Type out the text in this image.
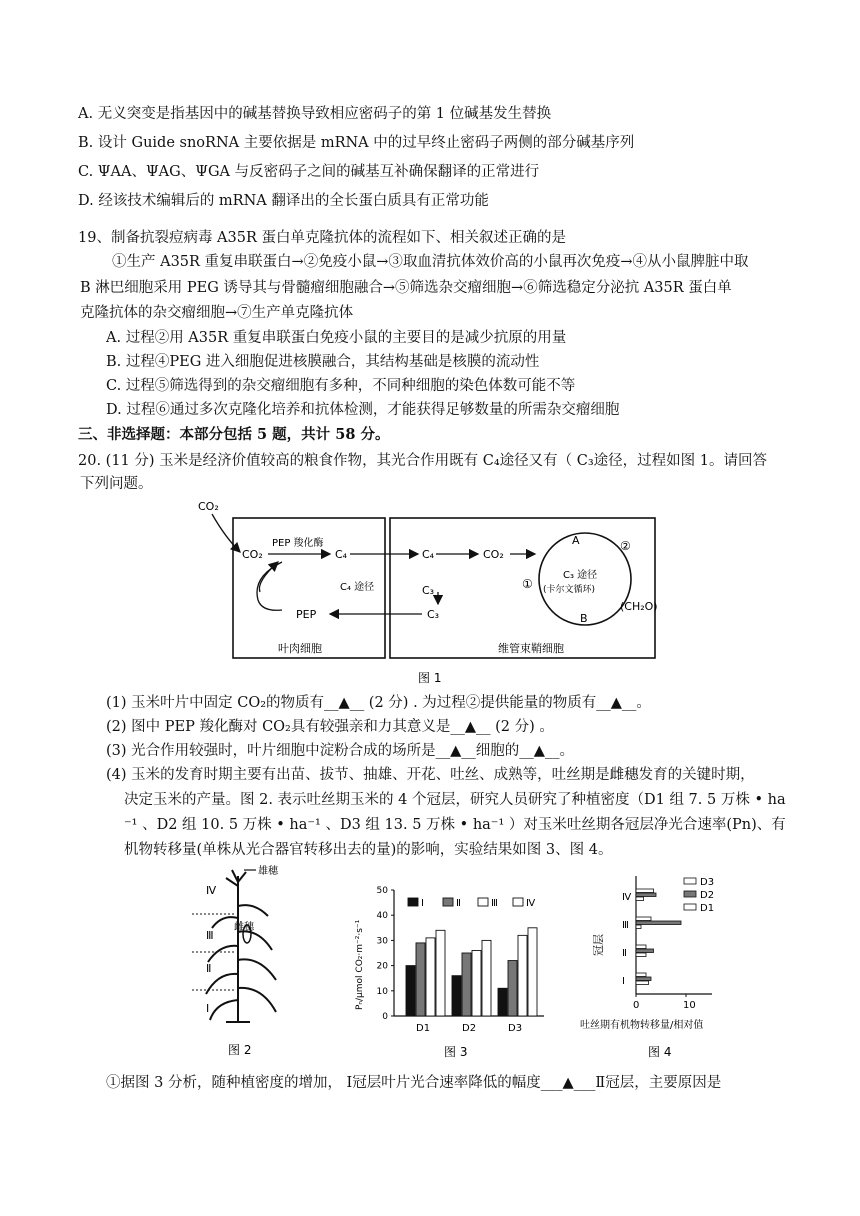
A. 无义突变是指基因中的碱基替换导致相应密码子的第 1 位碱基发生替换
B. 设计 Guide snoRNA 主要依据是 mRNA 中的过早终止密码子两侧的部分碱基序列
C. ΨAA、ΨAG、ΨGA 与反密码子之间的碱基互补确保翻译的正常进行
D. 经该技术编辑后的 mRNA 翻译出的全长蛋白质具有正常功能
19、制备抗裂痘病毒 A35R 蛋白单克隆抗体的流程如下、相关叙述正确的是
①生产 A35R 重复串联蛋白→②免疫小鼠→③取血清抗体效价高的小鼠再次免疫→④从小鼠脾脏中取
B 淋巴细胞采用 PEG 诱导其与骨髓瘤细胞融合→⑤筛选杂交瘤细胞→⑥筛选稳定分泌抗 A35R 蛋白单
克隆抗体的杂交瘤细胞→⑦生产单克隆抗体
A. 过程②用 A35R 重复串联蛋白免疫小鼠的主要目的是减少抗原的用量
B. 过程④PEG 进入细胞促进核膜融合，其结构基础是核膜的流动性
C. 过程⑤筛选得到的杂交瘤细胞有多种，不同种细胞的染色体数可能不等
D. 过程⑥通过多次克隆化培养和抗体检测，才能获得足够数量的所需杂交瘤细胞
三、非选择题：本部分包括 5 题，共计 58 分。
20. (11 分) 玉米是经济价值较高的粮食作物，其光合作用既有 C₄途径又有（ C₃途径，过程如图 1。请回答
下列问题。
CO₂
CO₂
PEP 羧化酶
C₄
C₄ 途径
PEP	C₃
C₄	CO₂
C₃
A	②
①
C₃ 途径
(卡尔文循环)
B
(CH₂O)
叶肉细胞	维管束鞘细胞
图 1
(1) 玉米叶片中固定 CO₂的物质有__▲__ (2 分) . 为过程②提供能量的物质有__▲__。
(2) 图中 PEP 羧化酶对 CO₂具有较强亲和力其意义是__▲__ (2 分) 。
(3) 光合作用较强时，叶片细胞中淀粉合成的场所是__▲__细胞的__▲__。
(4) 玉米的发育时期主要有出苗、拔节、抽雄、开花、吐丝、成熟等，吐丝期是雌穗发育的关键时期，
决定玉米的产量。图 2. 表示吐丝期玉米的 4 个冠层，研究人员研究了种植密度（D1 组 7. 5 万株 • ha
⁻¹ 、D2 组 10. 5 万株 • ha⁻¹ 、D3 组 13. 5 万株 • ha⁻¹ ）对玉米吐丝期各冠层净光合速率(Pn)、有
机物转移量(单株从光合器官转移出去的量)的影响，实验结果如图 3、图 4。
雄穗
Ⅳ
Ⅲ
Ⅱ
Ⅰ
雌穗
图 2
Pₙ/μmol CO₂·m⁻²·s⁻¹
0
10
20
30
40
50
D1	D2	D3
Ⅰ	Ⅱ	Ⅲ	Ⅳ
图 3
冠层
Ⅰ
Ⅱ
Ⅲ
Ⅳ
0	10
D3
D2
D1
吐丝期有机物转移量/相对值
图 4
①据图 3 分析，随种植密度的增加， Ⅰ冠层叶片光合速率降低的幅度___▲___Ⅱ冠层，主要原因是
